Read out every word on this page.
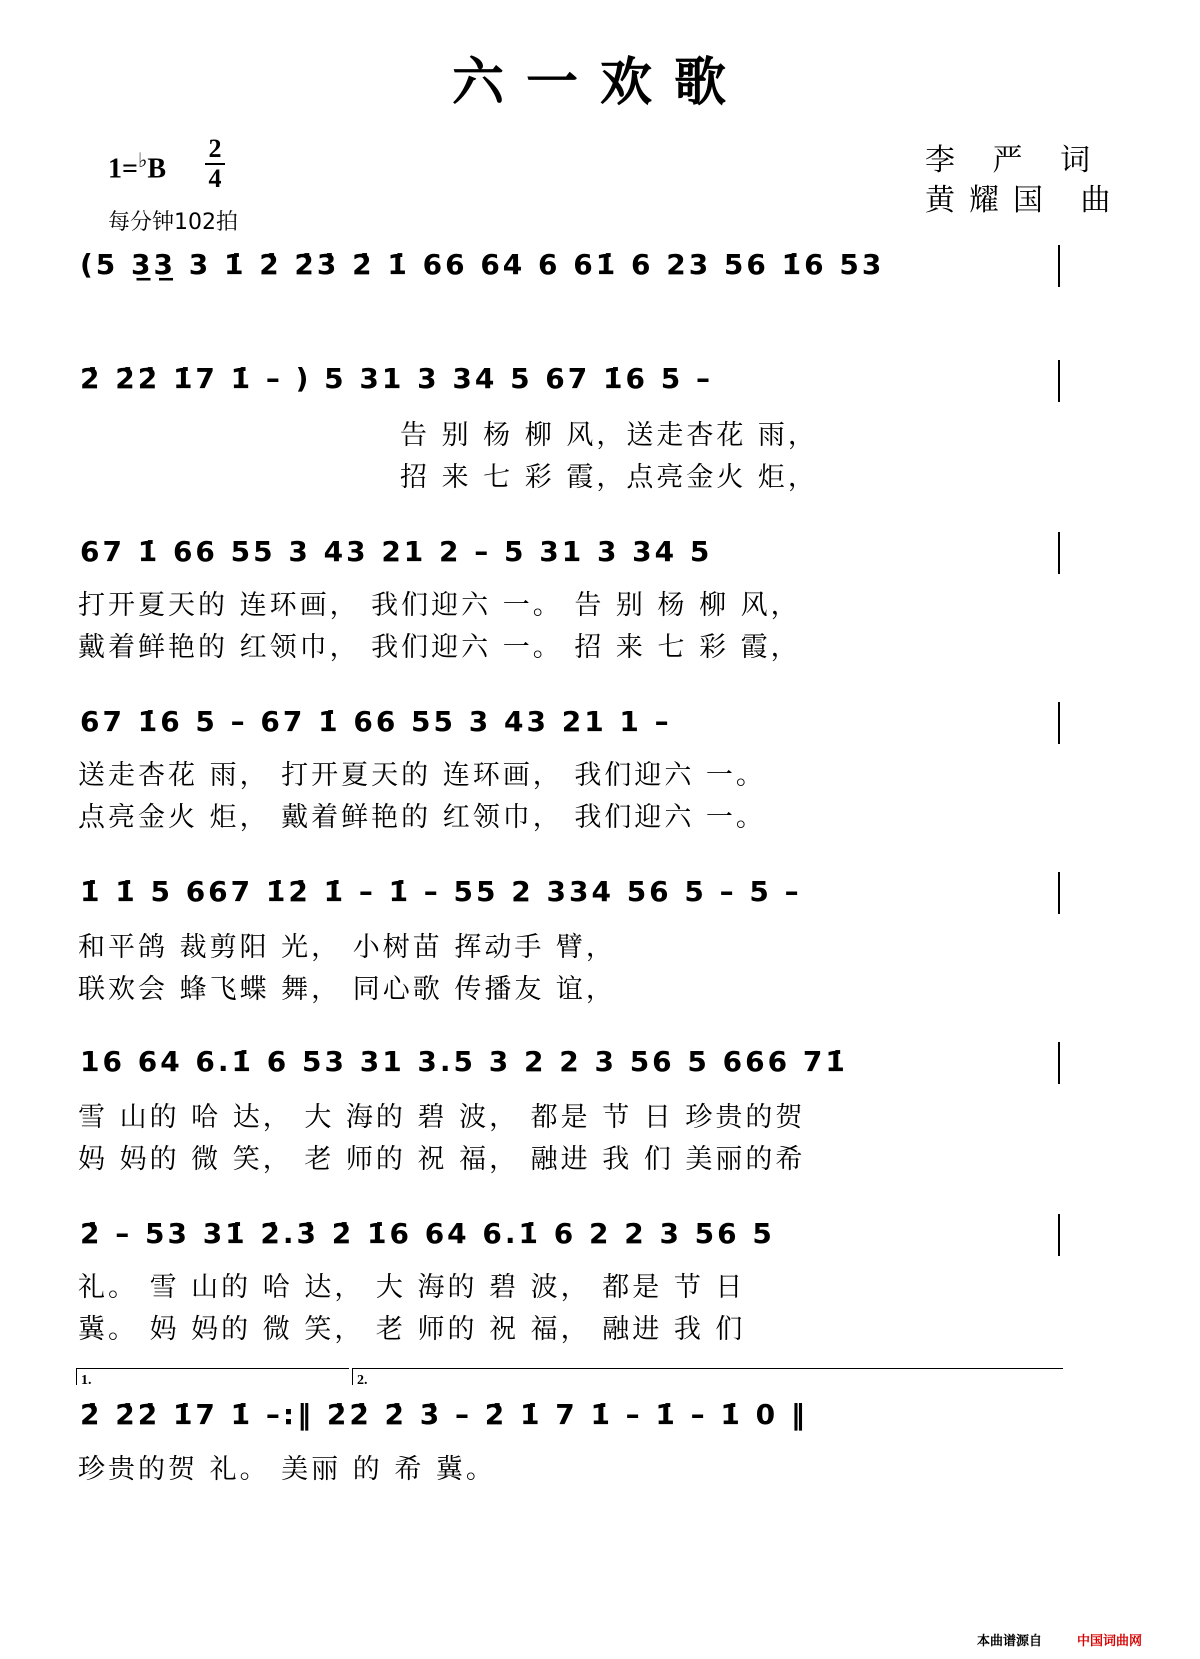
六一欢歌
1=♭B
2
4
每分钟102拍
李 严 词
黄耀国 曲
(5 3̲3̲ 3 1̇ 2̇ 2̇3̇ 2̇ 1̇ 66 64 6 61̇ 6 23 56 1̇6 53
2̇ 2̇2̇ 1̇7 1̇ – ) 5 31 3 34 5 67 1̇6 5 –
告 别 杨 柳 风，送走杏花 雨，
招 来 七 彩 霞，点亮金火 炬，
67 1̇ 66 55 3 43 21 2 – 5 31 3 34 5
打开夏天的 连环画， 我们迎六 一。 告 别 杨 柳 风，
戴着鲜艳的 红领巾， 我们迎六 一。 招 来 七 彩 霞，
67 1̇6 5 – 67 1̇ 66 55 3 43 21 1 –
送走杏花 雨， 打开夏天的 连环画， 我们迎六 一。
点亮金火 炬， 戴着鲜艳的 红领巾， 我们迎六 一。
1̇ 1̇ 5 667 1̇2̇ 1̇ – 1̇ – 55 2 334 56 5 – 5 –
和平鸽 裁剪阳 光， 小树苗 挥动手 臂，
联欢会 蜂飞蝶 舞， 同心歌 传播友 谊，
16 64 6.1̇ 6 53 31 3.5 3 2 2 3 56 5 666 71̇
雪 山的 哈 达， 大 海的 碧 波， 都是 节 日 珍贵的贺
妈 妈的 微 笑， 老 师的 祝 福， 融进 我 们 美丽的希
2̇ – 53 31̇ 2̇.3̇ 2̇ 1̇6 64 6.1̇ 6 2 2 3 56 5
礼。 雪 山的 哈 达， 大 海的 碧 波， 都是 节 日
冀。 妈 妈的 微 笑， 老 师的 祝 福， 融进 我 们
1.	2.
2̇ 2̇2̇ 1̇7 1̇ –:‖ 2̇2̇ 2̇ 3̇ – 2̇ 1̇ 7 1̇ – 1̇ – 1̇ 0 ‖
珍贵的贺 礼。 美丽 的 希 冀。
本曲谱源自	中国词曲网
